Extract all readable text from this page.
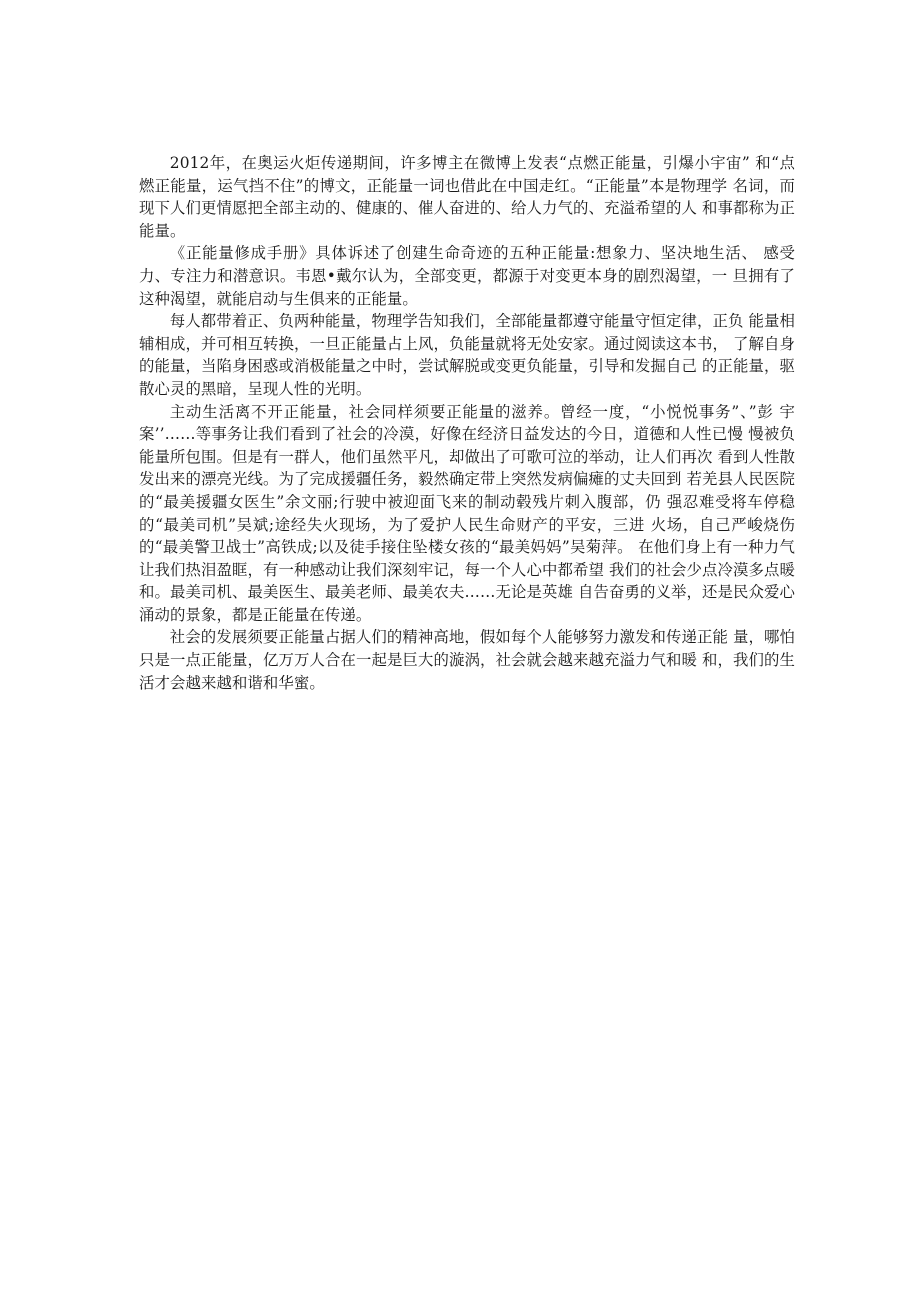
2012年，在奥运火炬传递期间，许多博主在微博上发表“点燃正能量，引爆小宇宙” 和“点燃正能量，运气挡不住”的博文，正能量一词也借此在中国走红。“正能量”本是物理学 名词，而现下人们更情愿把全部主动的、健康的、催人奋进的、给人力气的、充溢希望的人 和事都称为正能量。

《正能量修成手册》具体诉述了创建生命奇迹的五种正能量:想象力、坚决地生活、 感受力、专注力和潜意识。韦恩•戴尔认为，全部变更，都源于对变更本身的剧烈渴望，一 旦拥有了这种渴望，就能启动与生俱来的正能量。

每人都带着正、负两种能量，物理学告知我们，全部能量都遵守能量守恒定律，正负 能量相辅相成，并可相互转换，一旦正能量占上风，负能量就将无处安家。通过阅读这本书， 了解自身的能量，当陷身困惑或消极能量之中时，尝试解脱或变更负能量，引导和发掘自己 的正能量，驱散心灵的黑暗，呈现人性的光明。

主动生活离不开正能量，社会同样须要正能量的滋养。曾经一度，“小悦悦事务”、”彭 宇案’’……等事务让我们看到了社会的冷漠，好像在经济日益发达的今日，道德和人性已慢 慢被负能量所包围。但是有一群人，他们虽然平凡，却做出了可歌可泣的举动，让人们再次 看到人性散发出来的漂亮光线。为了完成援疆任务，毅然确定带上突然发病偏瘫的丈夫回到 若羌县人民医院的“最美援疆女医生”余文丽;行驶中被迎面飞来的制动毂残片刺入腹部，仍 强忍难受将车停稳的“最美司机”吴斌;途经失火现场，为了爱护人民生命财产的平安，三进 火场，自己严峻烧伤的“最美警卫战士”高铁成;以及徒手接住坠楼女孩的“最美妈妈”吴菊萍。 在他们身上有一种力气让我们热泪盈眶，有一种感动让我们深刻牢记，每一个人心中都希望 我们的社会少点冷漠多点暖和。最美司机、最美医生、最美老师、最美农夫……无论是英雄 自告奋勇的义举，还是民众爱心涌动的景象，都是正能量在传递。

社会的发展须要正能量占据人们的精神高地，假如每个人能够努力激发和传递正能 量，哪怕只是一点正能量，亿万万人合在一起是巨大的漩涡，社会就会越来越充溢力气和暖 和，我们的生活才会越来越和谐和华蜜。
